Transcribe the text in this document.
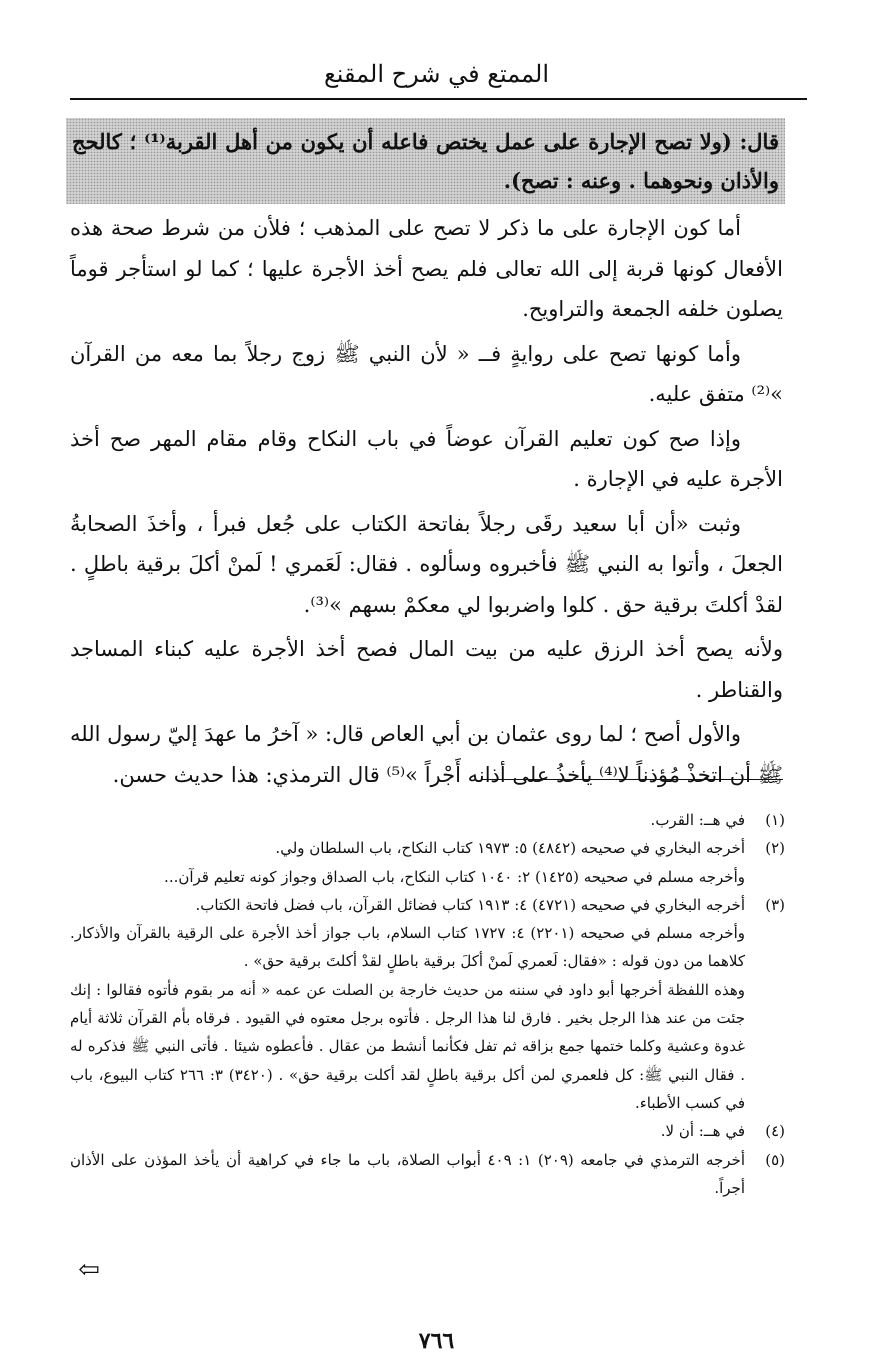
الممتع في شرح المقنع
قال: (ولا تصح الإجارة على عمل يختص فاعله أن يكون من أهل القربة⁽¹⁾ ؛ كالحج والأذان ونحوهما . وعنه : تصح).

أما كون الإجارة على ما ذكر لا تصح على المذهب ؛ فلأن من شرط صحة هذه الأفعال كونها قربة إلى الله تعالى فلم يصح أخذ الأجرة عليها ؛ كما لو استأجر قوماً يصلون خلفه الجمعة والتراويح.

وأما كونها تصح على روايةٍ فــ « لأن النبي ﷺ زوج رجلاً بما معه من القرآن »⁽²⁾ متفق عليه.

وإذا صح كون تعليم القرآن عوضاً في باب النكاح وقام مقام المهر صح أخذ الأجرة عليه في الإجارة .

وثبت «أن أبا سعيد رقَى رجلاً بفاتحة الكتاب على جُعل فبرأ ، وأخذَ الصحابةُ الجعلَ ، وأتوا به النبي ﷺ فأخبروه وسألوه . فقال: لَعَمري ! لَمنْ أكلَ برقية باطلٍ . لقدْ أكلتَ برقية حق . كلوا واضربوا لي معكمْ بسهم »⁽³⁾.

ولأنه يصح أخذ الرزق عليه من بيت المال فصح أخذ الأجرة عليه كبناء المساجد والقناطر .

والأول أصح ؛ لما روى عثمان بن أبي العاص قال: « آخرُ ما عهدَ إليّ رسول الله ﷺ أن اتخذْ مُؤذناً لا⁽⁴⁾ يأخذُ على أذانه أَجْراً »⁽⁵⁾ قال الترمذي: هذا حديث حسن.

(١)
في هــ: القرب.
(٢)
أخرجه البخاري في صحيحه (٤٨٤٢) ٥: ١٩٧٣ كتاب النكاح، باب السلطان ولي.
وأخرجه مسلم في صحيحه (١٤٢٥) ٢: ١٠٤٠ كتاب النكاح، باب الصداق وجواز كونه تعليم قرآن...
(٣)
أخرجه البخاري في صحيحه (٤٧٢١) ٤: ١٩١٣ كتاب فضائل القرآن، باب فضل فاتحة الكتاب.
وأخرجه مسلم في صحيحه (٢٢٠١) ٤: ١٧٢٧ كتاب السلام، باب جواز أخذ الأجرة على الرقية بالقرآن والأذكار. كلاهما من دون قوله : «فقال: لَعمري لَمنْ أكلَ برقية باطلٍ لقدْ أكلتَ برقية حق» .
وهذه اللفظة أخرجها أبو داود في سننه من حديث خارجة بن الصلت عن عمه « أنه مر بقوم فأتوه فقالوا : إنك جئت من عند هذا الرجل بخير . فارق لنا هذا الرجل . فأتوه برجل معتوه في القيود . فرقاه بأم القرآن ثلاثة أيام غدوة وعشية وكلما ختمها جمع بزاقه ثم تفل فكأنما أنشط من عقال . فأعطوه شيئا . فأتى النبي ﷺ فذكره له . فقال النبي ﷺ: كل فلعمري لمن أكل برقية باطلٍ لقد أكلت برقية حق» . (٣٤٢٠) ٣: ٢٦٦ كتاب البيوع، باب في كسب الأطباء.
(٤)
في هــ: أن لا.
(٥)
أخرجه الترمذي في جامعه (٢٠٩) ١: ٤٠٩ أبواب الصلاة، باب ما جاء في كراهية أن يأخذ المؤذن على الأذان أجراً.
⇦
٧٦٦
